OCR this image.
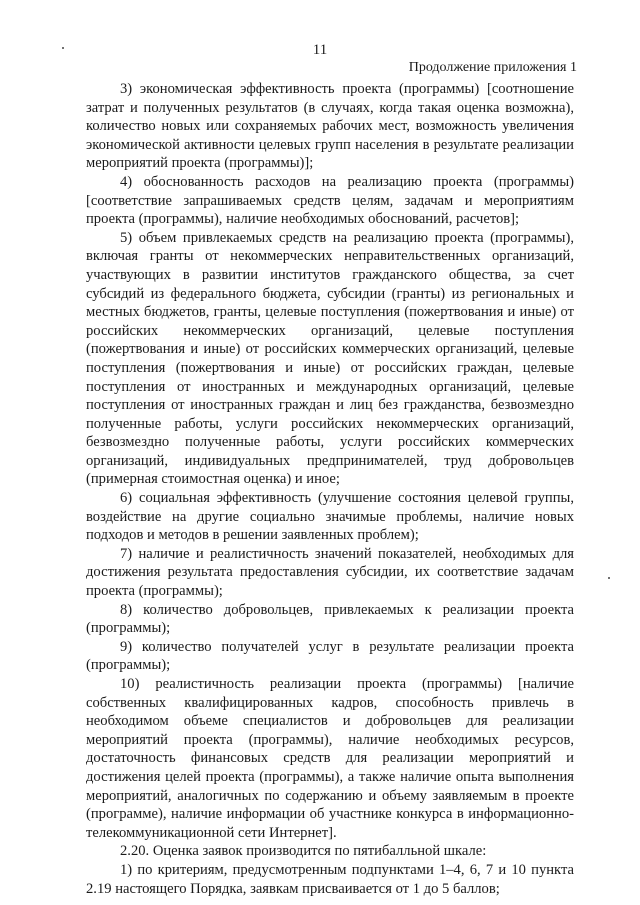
11
Продолжение приложения 1

3) экономическая эффективность проекта (программы) [соотношение затрат и полученных результатов (в случаях, когда такая оценка возможна), количество новых или сохраняемых рабочих мест, возможность увеличения экономической активности целевых групп населения в результате реализации мероприятий проекта (программы)];

4) обоснованность расходов на реализацию проекта (программы) [соответствие запрашиваемых средств целям, задачам и мероприятиям проекта (программы), наличие необходимых обоснований, расчетов];

5) объем привлекаемых средств на реализацию проекта (программы), включая гранты от некоммерческих неправительственных организаций, участвующих в развитии институтов гражданского общества, за счет субсидий из федерального бюджета, субсидии (гранты) из региональных и местных бюджетов, гранты, целевые поступления (пожертвования и иные) от российских некоммерческих организаций, целевые поступления (пожертвования и иные) от российских коммерческих организаций, целевые поступления (пожертвования и иные) от российских граждан, целевые поступления от иностранных и международных организаций, целевые поступления от иностранных граждан и лиц без гражданства, безвозмездно полученные работы, услуги российских некоммерческих организаций, безвозмездно полученные работы, услуги российских коммерческих организаций, индивидуальных предпринимателей, труд добровольцев (примерная стоимостная оценка) и иное;

6) социальная эффективность (улучшение состояния целевой группы, воздействие на другие социально значимые проблемы, наличие новых подходов и методов в решении заявленных проблем);

7) наличие и реалистичность значений показателей, необходимых для достижения результата предоставления субсидии, их соответствие задачам проекта (программы);

8) количество добровольцев, привлекаемых к реализации проекта (программы);

9) количество получателей услуг в результате реализации проекта (программы);

10) реалистичность реализации проекта (программы) [наличие собственных квалифицированных кадров, способность привлечь в необходимом объеме специалистов и добровольцев для реализации мероприятий проекта (программы), наличие необходимых ресурсов, достаточность финансовых средств для реализации мероприятий и достижения целей проекта (программы), а также наличие опыта выполнения мероприятий, аналогичных по содержанию и объему заявляемым в проекте (программе), наличие информации об участнике конкурса в информационно-телекоммуникационной сети Интернет].

2.20. Оценка заявок производится по пятибалльной шкале:

1) по критериям, предусмотренным подпунктами 1–4, 6, 7 и 10 пункта 2.19 настоящего Порядка, заявкам присваивается от 1 до 5 баллов;
